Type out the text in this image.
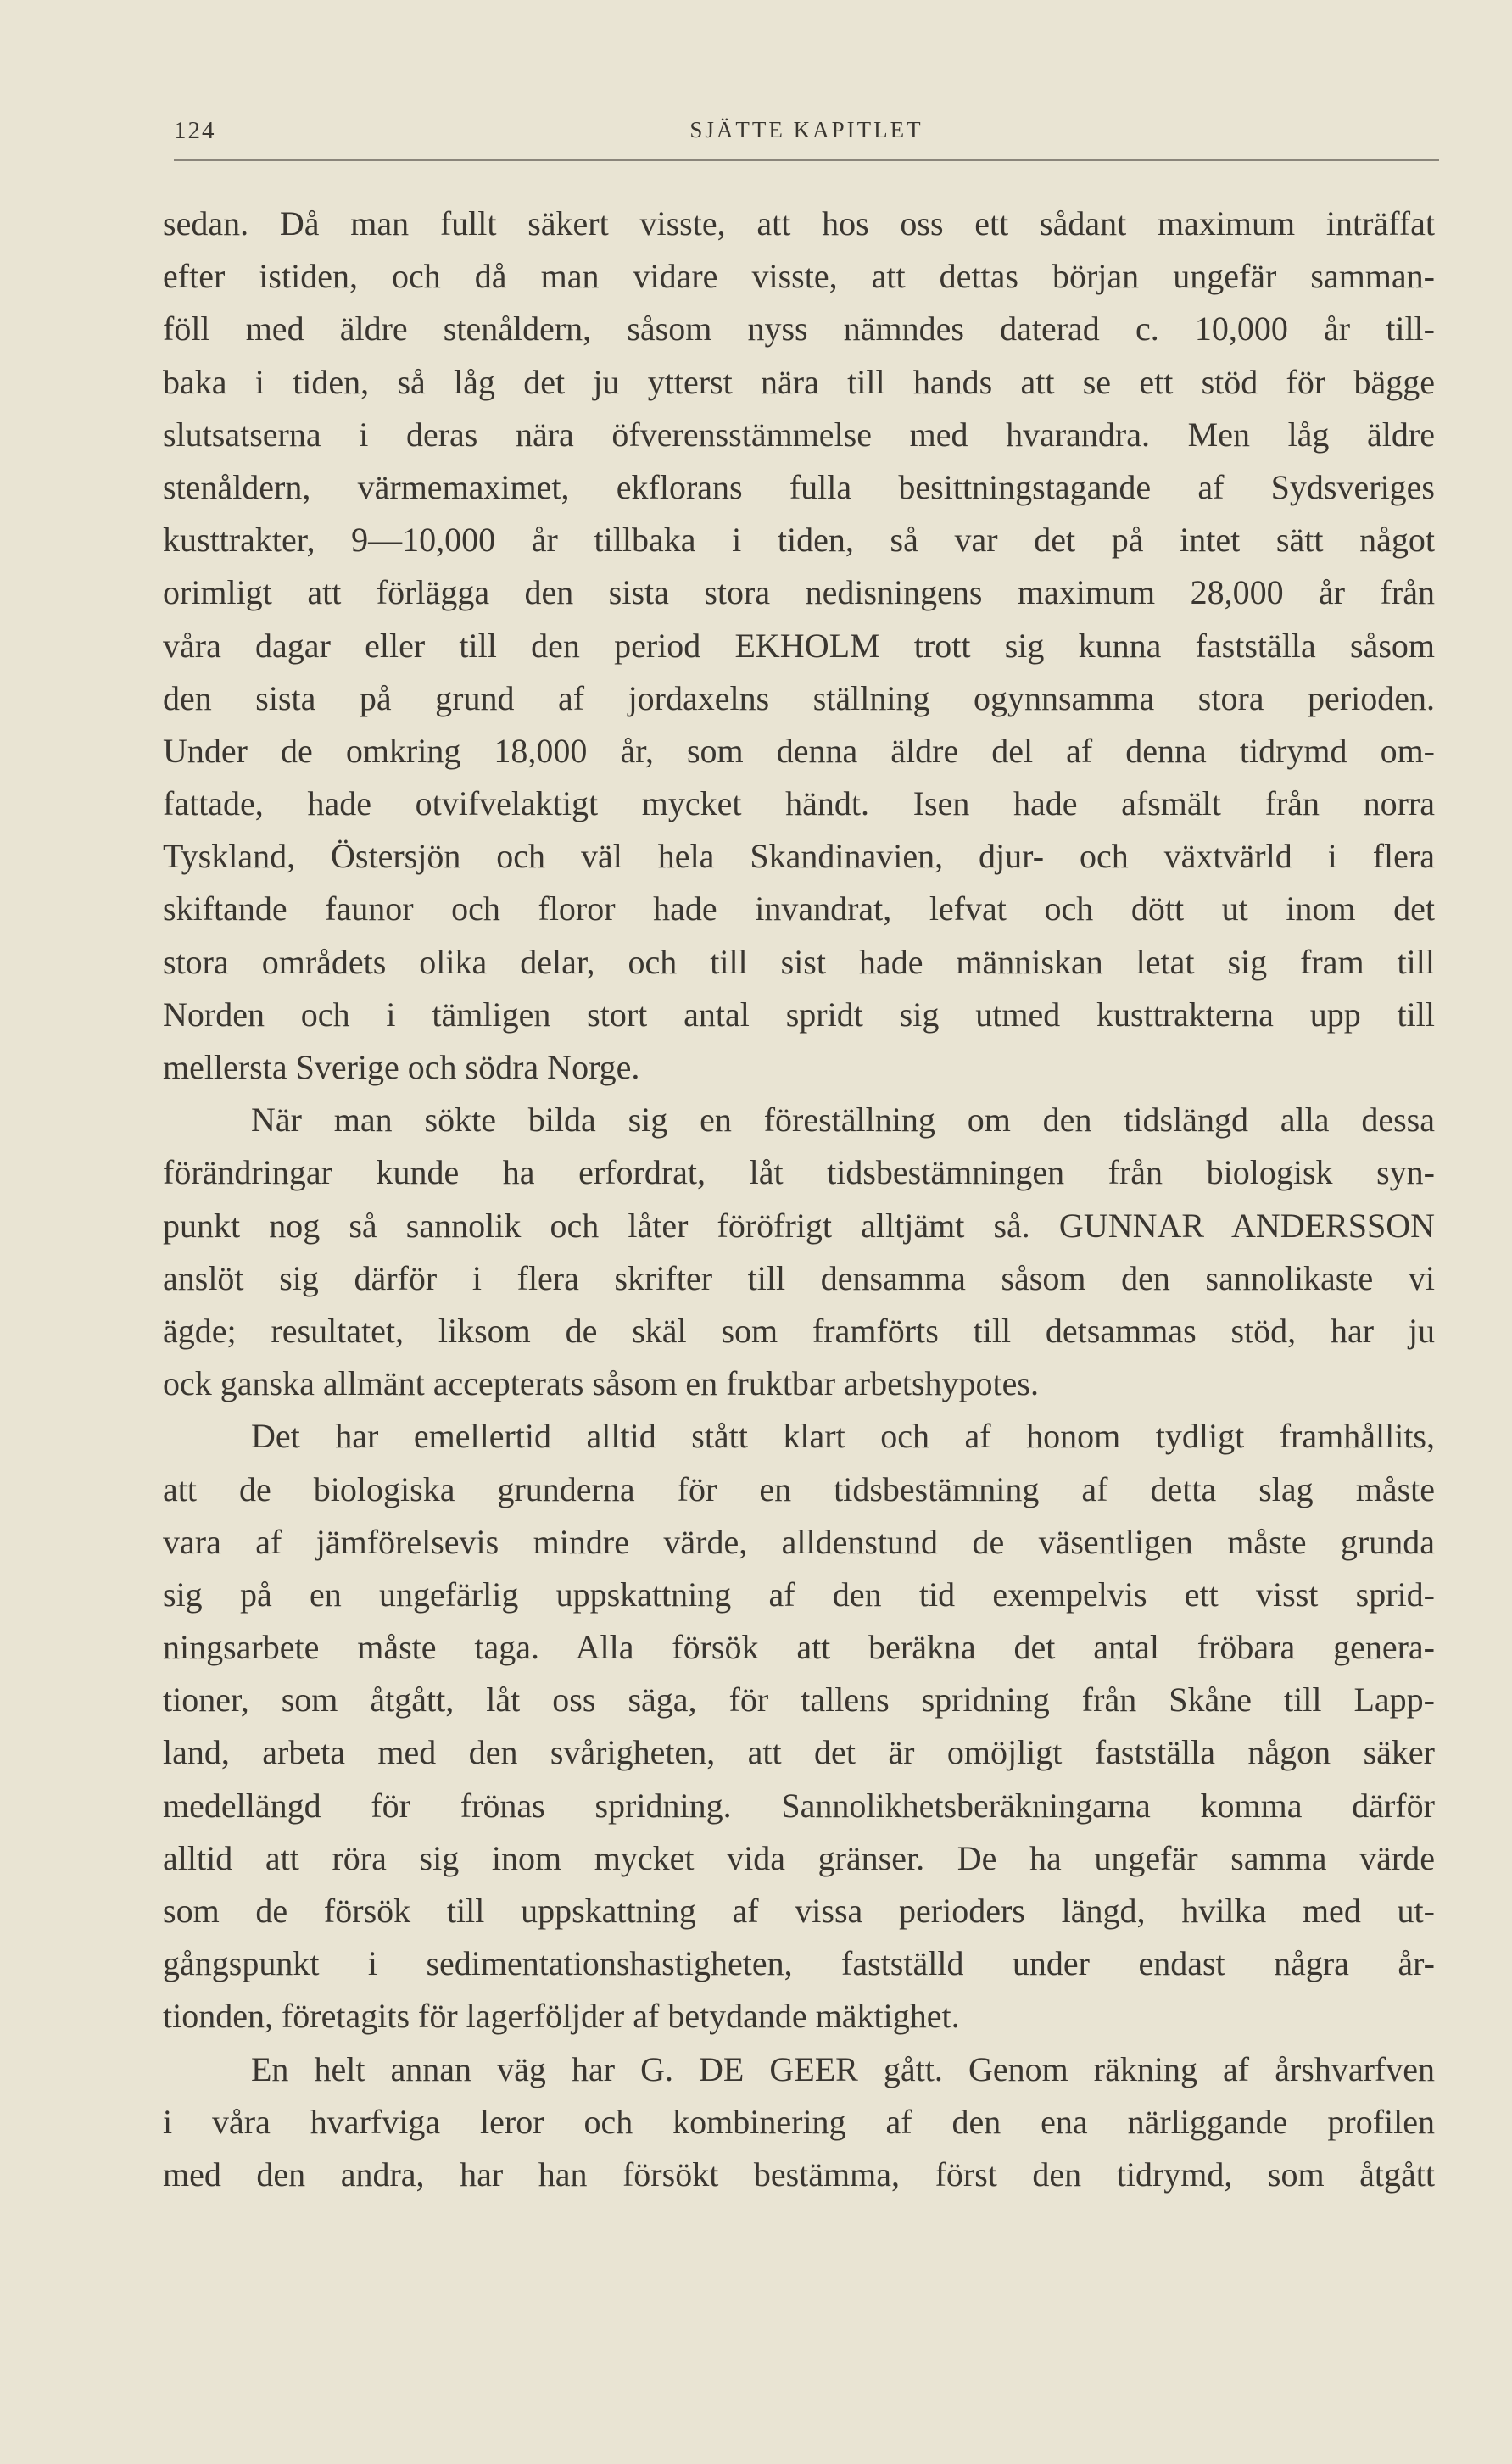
124	SJÄTTE KAPITLET
sedan. Då man fullt säkert visste, att hos oss ett sådant maximum inträffat
efter istiden, och då man vidare visste, att dettas början ungefär samman-
föll med äldre stenåldern, såsom nyss nämndes daterad c. 10,000 år till-
baka i tiden, så låg det ju ytterst nära till hands att se ett stöd för bägge
slutsatserna i deras nära öfverensstämmelse med hvarandra. Men låg äldre
stenåldern, värmemaximet, ekflorans fulla besittningstagande af Sydsveriges
kusttrakter, 9—10,000 år tillbaka i tiden, så var det på intet sätt något
orimligt att förlägga den sista stora nedisningens maximum 28,000 år från
våra dagar eller till den period EKHOLM trott sig kunna fastställa såsom
den sista på grund af jordaxelns ställning ogynnsamma stora perioden.
Under de omkring 18,000 år, som denna äldre del af denna tidrymd om-
fattade, hade otvifvelaktigt mycket händt. Isen hade afsmält från norra
Tyskland, Östersjön och väl hela Skandinavien, djur- och växtvärld i flera
skiftande faunor och floror hade invandrat, lefvat och dött ut inom det
stora områdets olika delar, och till sist hade människan letat sig fram till
Norden och i tämligen stort antal spridt sig utmed kusttrakterna upp till
mellersta Sverige och södra Norge.
När man sökte bilda sig en föreställning om den tidslängd alla dessa
förändringar kunde ha erfordrat, låt tidsbestämningen från biologisk syn-
punkt nog så sannolik och låter föröfrigt alltjämt så. GUNNAR ANDERSSON
anslöt sig därför i flera skrifter till densamma såsom den sannolikaste vi
ägde; resultatet, liksom de skäl som framförts till detsammas stöd, har ju
ock ganska allmänt accepterats såsom en fruktbar arbetshypotes.
Det har emellertid alltid stått klart och af honom tydligt framhållits,
att de biologiska grunderna för en tidsbestämning af detta slag måste
vara af jämförelsevis mindre värde, alldenstund de väsentligen måste grunda
sig på en ungefärlig uppskattning af den tid exempelvis ett visst sprid-
ningsarbete måste taga. Alla försök att beräkna det antal fröbara genera-
tioner, som åtgått, låt oss säga, för tallens spridning från Skåne till Lapp-
land, arbeta med den svårigheten, att det är omöjligt fastställa någon säker
medellängd för frönas spridning. Sannolikhetsberäkningarna komma därför
alltid att röra sig inom mycket vida gränser. De ha ungefär samma värde
som de försök till uppskattning af vissa perioders längd, hvilka med ut-
gångspunkt i sedimentationshastigheten, fastställd under endast några år-
tionden, företagits för lagerföljder af betydande mäktighet.
En helt annan väg har G. DE GEER gått. Genom räkning af årshvarfven
i våra hvarfviga leror och kombinering af den ena närliggande profilen
med den andra, har han försökt bestämma, först den tidrymd, som åtgått
